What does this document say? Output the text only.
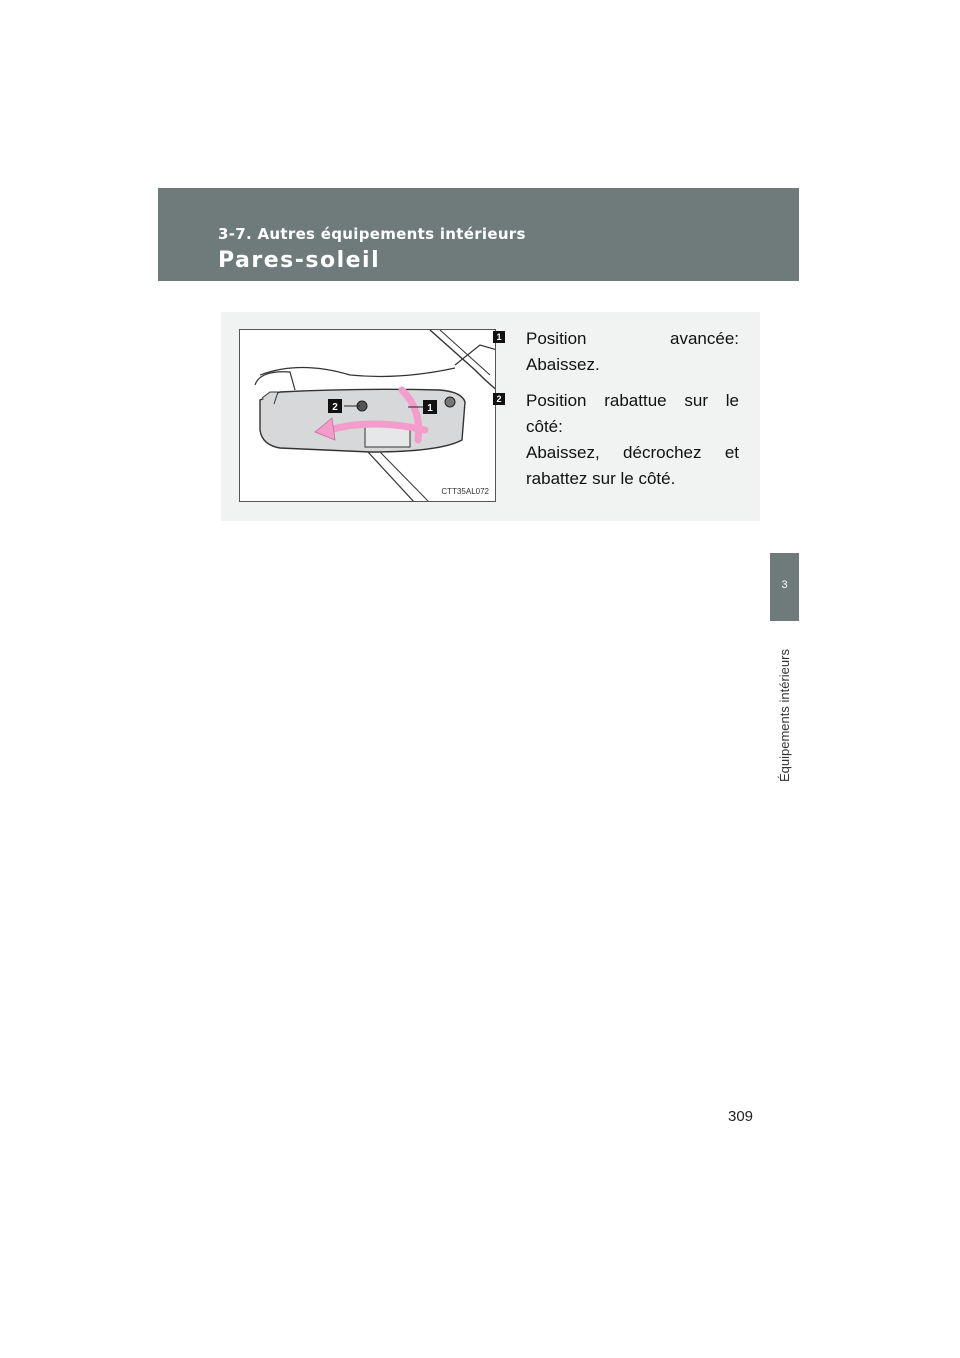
3-7. Autres équipements intérieurs
Pares-soleil
3
Équipements intérieurs
2	1
CTT35AL072
1 Position avancée:
Abaissez.
2 Position rabattue sur le
côté:
Abaissez, décrochez et
rabattez sur le côté.
309
